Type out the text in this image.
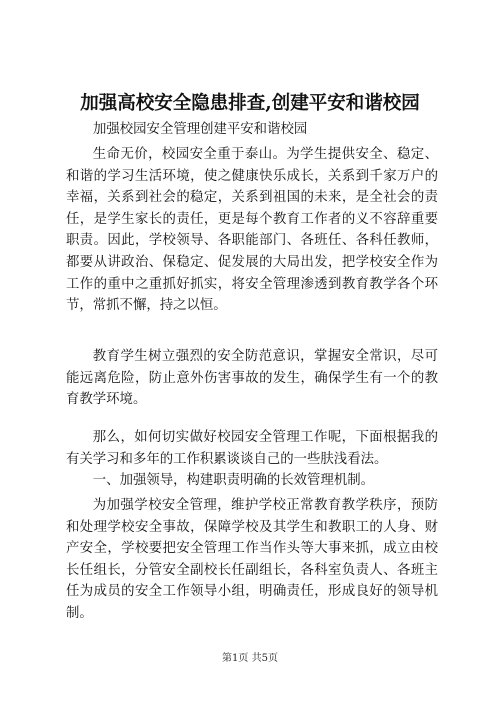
加强高校安全隐患排查,创建平安和谐校园
加强校园安全管理创建平安和谐校园
生命无价，校园安全重于泰山。为学生提供安全、稳定、和谐的学习生活环境，使之健康快乐成长，关系到千家万户的幸福，关系到社会的稳定，关系到祖国的未来，是全社会的责任，是学生家长的责任，更是每个教育工作者的义不容辞重要职责。因此，学校领导、各职能部门、各班任、各科任教师，都要从讲政治、保稳定、促发展的大局出发，把学校安全作为工作的重中之重抓好抓实，将安全管理渗透到教育教学各个环节，常抓不懈，持之以恒。
教育学生树立强烈的安全防范意识，掌握安全常识，尽可能远离危险，防止意外伤害事故的发生，确保学生有一个的教育教学环境。
那么，如何切实做好校园安全管理工作呢，下面根据我的有关学习和多年的工作积累谈谈自己的一些肤浅看法。
一、加强领导，构建职责明确的长效管理机制。
为加强学校安全管理，维护学校正常教育教学秩序，预防和处理学校安全事故，保障学校及其学生和教职工的人身、财产安全，学校要把安全管理工作当作头等大事来抓，成立由校长任组长，分管安全副校长任副组长，各科室负责人、各班主任为成员的安全工作领导小组，明确责任，形成良好的领导机制。
第1页 共5页
